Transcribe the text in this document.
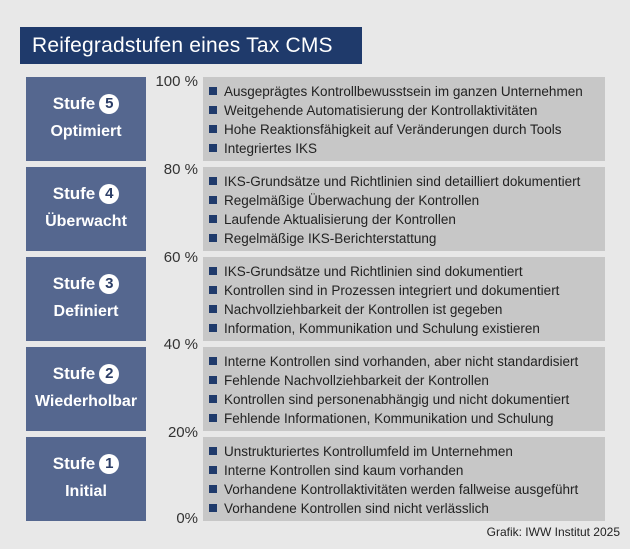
Reifegradstufen eines Tax CMS
Stufe 5
Optimiert
Stufe 4
Überwacht
Stufe 3
Definiert
Stufe 2
Wiederholbar
Stufe 1
Initial
100 %
80 %
60 %
40 %
20%
0%
Ausgeprägtes Kontrollbewusstsein im ganzen Unternehmen
Weitgehende Automatisierung der Kontrollaktivitäten
Hohe Reaktionsfähigkeit auf Veränderungen durch Tools
Integriertes IKS
IKS-Grundsätze und Richtlinien sind detailliert dokumentiert
Regelmäßige Überwachung der Kontrollen
Laufende Aktualisierung der Kontrollen
Regelmäßige IKS-Berichterstattung
IKS-Grundsätze und Richtlinien sind dokumentiert
Kontrollen sind in Prozessen integriert und dokumentiert
Nachvollziehbarkeit der Kontrollen ist gegeben
Information, Kommunikation und Schulung existieren
Interne Kontrollen sind vorhanden, aber nicht standardisiert
Fehlende Nachvollziehbarkeit der Kontrollen
Kontrollen sind personenabhängig und nicht dokumentiert
Fehlende Informationen, Kommunikation und Schulung
Unstrukturiertes Kontrollumfeld im Unternehmen
Interne Kontrollen sind kaum vorhanden
Vorhandene Kontrollaktivitäten werden fallweise ausgeführt
Vorhandene Kontrollen sind nicht verlässlich
Grafik: IWW Institut 2025
